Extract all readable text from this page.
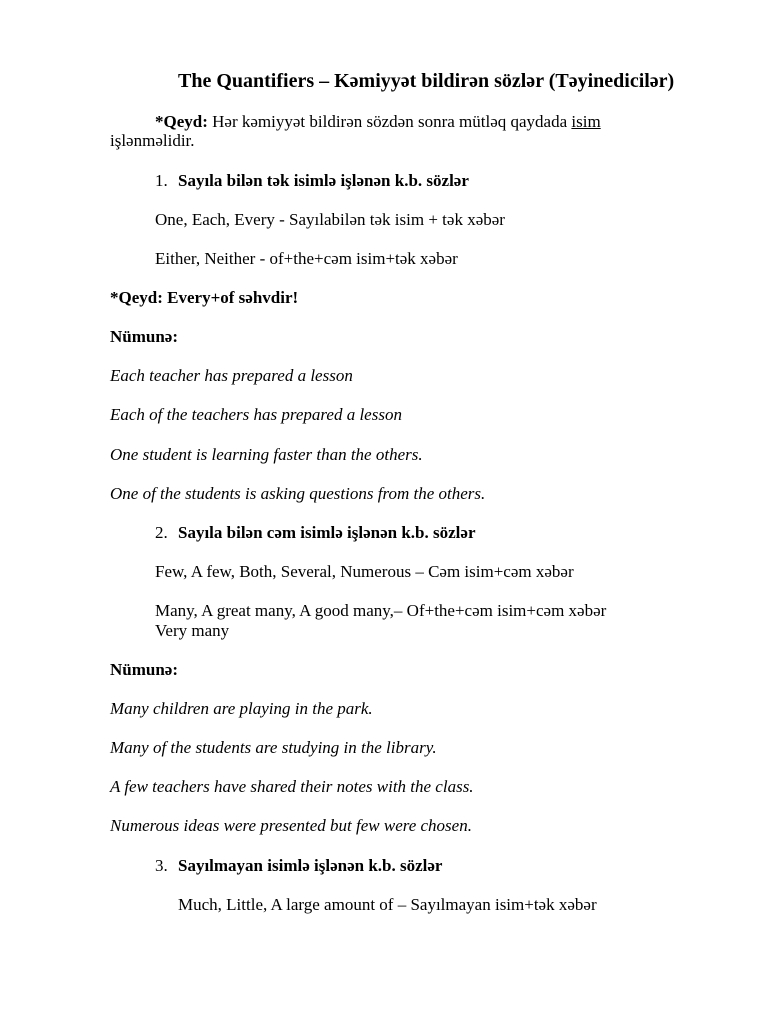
The Quantifiers – Kəmiyyət bildirən sözlər (Təyinedicilər)
*Qeyd: Hər kəmiyyət bildirən sözdən sonra mütləq qaydada isim
işlənməlidir.
1. Sayıla bilən tək isimlə işlənən k.b. sözlər
One, Each, Every - Sayılabilən tək isim + tək xəbər
Either, Neither - of+the+cəm isim+tək xəbər
*Qeyd: Every+of səhvdir!
Nümunə:
Each teacher has prepared a lesson
Each of the teachers has prepared a lesson
One student is learning faster than the others.
One of the students is asking questions from the others.
2. Sayıla bilən cəm isimlə işlənən k.b. sözlər
Few, A few, Both, Several, Numerous – Cəm isim+cəm xəbər
Many, A great many, A good many,– Of+the+cəm isim+cəm xəbər
Very many
Nümunə:
Many children are playing in the park.
Many of the students are studying in the library.
A few teachers have shared their notes with the class.
Numerous ideas were presented but few were chosen.
3. Sayılmayan isimlə işlənən k.b. sözlər
Much, Little, A large amount of – Sayılmayan isim+tək xəbər
